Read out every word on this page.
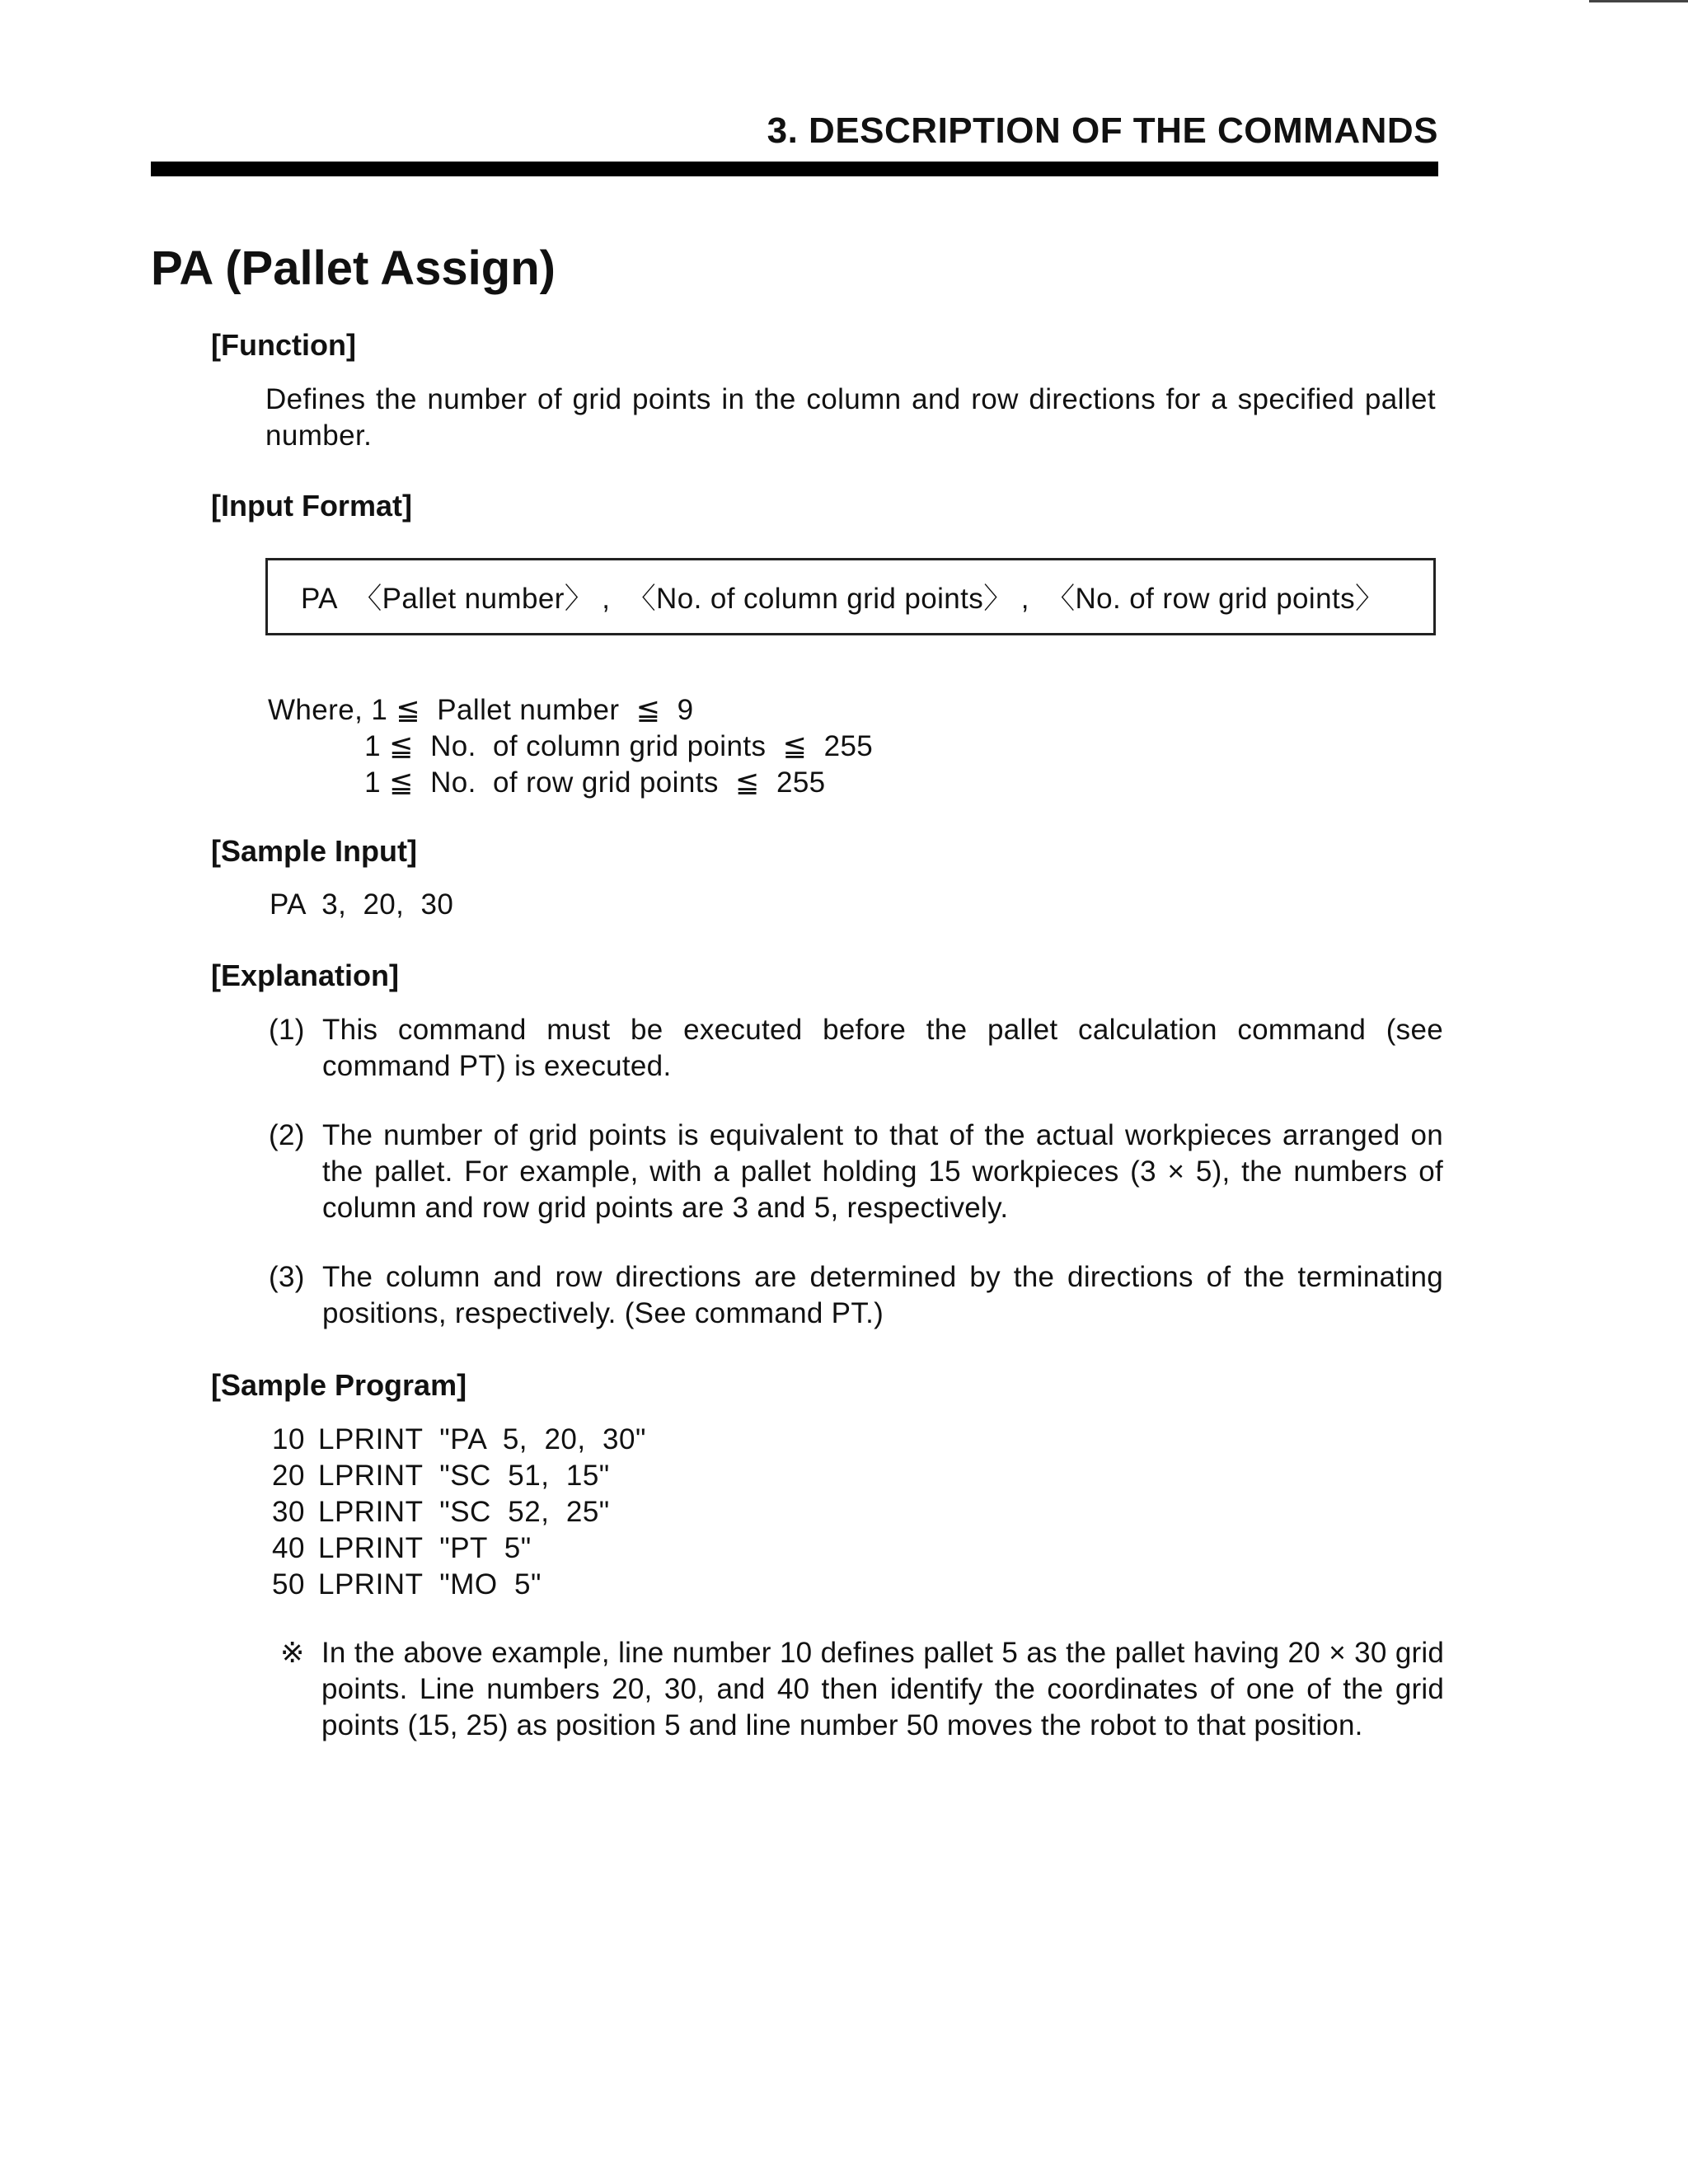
3. DESCRIPTION OF THE COMMANDS
PA (Pallet Assign)
[Function]
Defines the number of grid points in the column and row directions for a specified pallet number.
[Input Format]
PA  〈Pallet number〉 ,  〈No. of column grid points〉 ,  〈No. of row grid points〉
Where, 1 ≦  Pallet number  ≦  9
1 ≦  No.  of column grid points  ≦  255
1 ≦  No.  of row grid points  ≦  255
[Sample Input]
PA  3,  20,  30
[Explanation]
(1) This command must be executed before the pallet calculation command (see command PT) is executed.
(2) The number of grid points is equivalent to that of the actual workpieces arranged on the pallet. For example, with a pallet holding 15 workpieces (3 × 5), the numbers of column and row grid points are 3 and 5, respectively.
(3) The column and row directions are determined by the directions of the terminating positions, respectively. (See command PT.)
[Sample Program]
10 LPRINT  "PA  5,  20,  30"
20 LPRINT  "SC  51,  15"
30 LPRINT  "SC  52,  25"
40 LPRINT  "PT  5"
50 LPRINT  "MO  5"
※ In the above example, line number 10 defines pallet 5 as the pallet having 20 × 30 grid points. Line numbers 20, 30, and 40 then identify the coordinates of one of the grid points (15, 25) as position 5 and line number 50 moves the robot to that position.
